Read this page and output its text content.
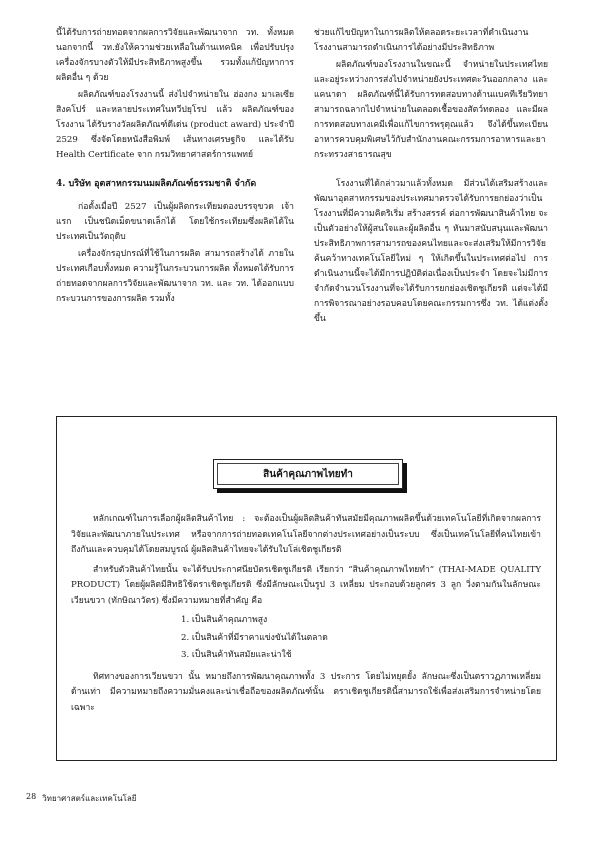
นี้ได้รับการถ่ายทอดจากผลการวิจัยและพัฒนาจาก วท. ทั้งหมด นอกจากนี้ วท.ยังให้ความช่วยเหลือในด้านเทคนิค เพื่อปรับปรุงเครื่องจักรบางตัวให้มีประสิทธิภาพสูงขึ้น รวมทั้งแก้ปัญหาการผลิตอื่น ๆ ด้วย

ผลิตภัณฑ์ของโรงงานนี้ ส่งไปจำหน่ายใน ฮ่องกง มาเลเซีย สิงคโปร์ และหลายประเทศในทวีปยุโรป แล้ว ผลิตภัณฑ์ของโรงงาน ได้รับรางวัลผลิตภัณฑ์ดีเด่น (product award) ประจำปี 2529 ซึ่งจัดโดยหนังสือพิมพ์ เส้นทางเศรษฐกิจ และได้รับ Health Certificate จาก กรมวิทยาศาสตร์การแพทย์

4. บริษัท อุตสาหกรรมนมผลิตภัณฑ์ธรรมชาติ จำกัด

ก่อตั้งเมื่อปี 2527 เป็นผู้ผลิตกระเทียมดองบรรจุขวด เจ้าแรก เป็นชนิดเม็ดขนาดเล็กได้ โดยใช้กระเทียมซึ่งผลิตได้ใน ประเทศเป็นวัตถุดิบ

เครื่องจักรอุปกรณ์ที่ใช้ในการผลิต สามารถสร้างได้ ภายในประเทศเกือบทั้งหมด ความรู้ในกระบวนการผลิต ทั้งหมดได้รับการถ่ายทอดจากผลการวิจัยและพัฒนาจาก วท. และ วท. ได้ออกแบบกระบวนการของการผลิต รวมทั้ง

ช่วยแก้ไขปัญหาในการผลิตให้ตลอดระยะเวลาที่ดำเนินงานโรงงานสามารถดำเนินการได้อย่างมีประสิทธิภาพ

ผลิตภัณฑ์ของโรงงานในขณะนี้ จำหน่ายในประเทศไทย และอยู่ระหว่างการส่งไปจำหน่ายยังประเทศตะวันออกกลาง และแคนาดา ผลิตภัณฑ์นี้ได้รับการทดสอบทางด้านแบคทีเรียวิทยา สามารถฉลากไปจำหน่ายในตลอดเชื้อของสัตว์ทดลอง และมีผลการทดสอบทางเคมีเพื่อแก้ไขการพรุตุณแล้ว จึงได้ขึ้นทะเบียนอาหารควบคุมพิเศษไว้กับสำนักงานคณะกรรมการอาหารและยา กระทรวงสาธารณสุข

โรงงานที่ได้กล่าวมาแล้วทั้งหมด มีส่วนได้เสริมสร้างและพัฒนาอุตสาหกรรมของประเทศมาตรวจได้รับการยกย่องว่าเป็นโรงงานที่มีความคิดริเริ่ม สร้างสรรค์ ต่อการพัฒนาสินค้าไทย จะเป็นตัวอย่างให้ผู้สนใจและผู้ผลิตอื่น ๆ หันมาสนับสนุนและพัฒนาประสิทธิภาพการสามารถของคนไทยและจะส่งเสริมให้มีการวิจัยค้นคว้าทางเทคโนโลยีใหม่ ๆ ให้เกิดขึ้นในประเทศต่อไป การดำเนินงานนี้จะได้มีการปฏิบัติต่อเนื่องเป็นประจำ โดยจะไม่มีการจำกัดจำนวนโรงงานที่จะได้รับการยกย่องเชิดชูเกียรติ แต่จะได้มีการพิจารณาอย่างรอบคอบโดยคณะกรรมการซึ่ง วท. ได้แต่งตั้งขึ้น

สินค้าคุณภาพไทยทำ

หลักเกณฑ์ในการเลือกผู้ผลิตสินค้าไทย : จะต้องเป็นผู้ผลิตสินค้าทันสมัยมีคุณภาพผลิตขึ้นด้วยเทคโนโลยีที่เกิดจากผลการวิจัยและพัฒนาภายในประเทศ หรือจากการถ่ายทอดเทคโนโลยีจากต่างประเทศอย่างเป็นระบบ ซึ่งเป็นเทคโนโลยีที่คนไทยเข้าถึงกันและควบคุมได้โดยสมบูรณ์ ผู้ผลิตสินค้าไทยจะได้รับใบโล่เชิดชูเกียรติ

สำหรับตัวสินค้าไทยนั้น จะได้รับประกาศนียบัตรเชิดชูเกียรติ เรียกว่า “สินค้าคุณภาพไทยทำ” (THAI-MADE QUALITY PRODUCT) โดยผู้ผลิตมีสิทธิใช้ตราเชิดชูเกียรติ ซึ่งมีลักษณะเป็นรูป 3 เหลี่ยม ประกอบด้วยลูกศร 3 ลูก วิ่งตามกันในลักษณะเวียนขวา (ทักษิณาวัตร) ซึ่งมีความหมายที่สำคัญ คือ

1. เป็นสินค้าคุณภาพสูง
2. เป็นสินค้าที่มีราคาแข่งขันได้ในตลาด
3. เป็นสินค้าทันสมัยและน่าใช้

ทิศทางของการเวียนขวา นั้น หมายถึงการพัฒนาคุณภาพทั้ง 3 ประการ โดยไม่หยุดยั้ง ลักษณะซึ่งเป็นตราวฏภาพเหลี่ยมด้านเท่า มีความหมายถึงความมั่นคงและน่าเชื่อถือของผลิตภัณฑ์นั้น ตราเชิดชูเกียรตินี้สามารถใช้เพื่อส่งเสริมการจำหน่ายโดยเฉพาะ

28 วิทยาศาสตร์และเทคโนโลยี
